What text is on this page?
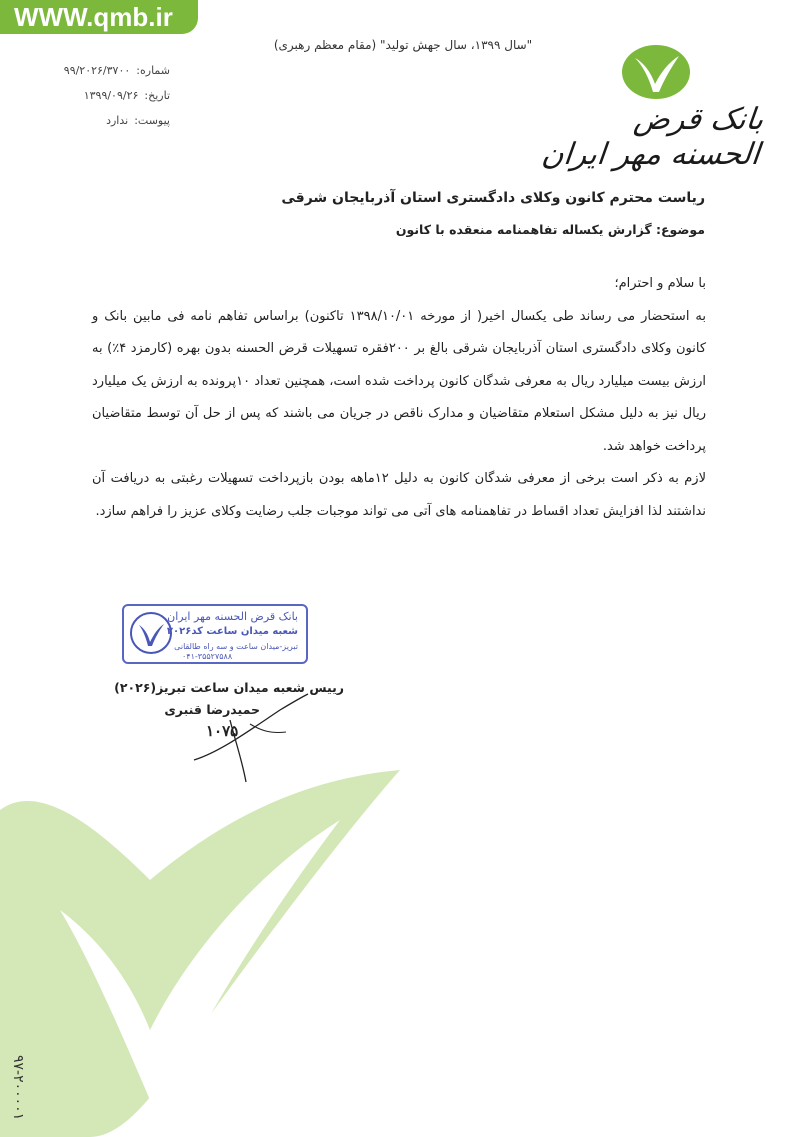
WWW.qmb.ir
"سال ۱۳۹۹، سال جهش تولید" (مقام معظم رهبری)
شماره:
۹۹/۲۰۲۶/۳۷۰۰
تاریخ:
۱۳۹۹/۰۹/۲۶
پیوست:
ندارد	بانک قرض الحسنه مهر ایران
ریاست محترم کانون وکلای دادگستری استان آذربایجان شرقی
موضوع: گزارش یکساله تفاهمنامه منعقده با کانون

با سلام و احترام؛

به استحضار می رساند طی یکسال اخیر( از مورخه ۱۳۹۸/۱۰/۰۱ تاکنون) براساس تفاهم نامه فی مابین بانک و کانون وکلای دادگستری استان آذربایجان شرقی بالغ بر ۲۰۰فقره تسهیلات قرض الحسنه بدون بهره (کارمزد ۴٪) به ارزش بیست میلیارد ریال به معرفی شدگان کانون پرداخت شده است، همچنین تعداد ۱۰پرونده به ارزش یک میلیارد ریال نیز به دلیل مشکل استعلام متقاضیان و مدارک ناقص در جریان می باشند که پس از حل آن توسط متقاضیان پرداخت خواهد شد.

لازم به ذکر است برخی از معرفی شدگان کانون به دلیل ۱۲ماهه بودن بازپرداخت تسهیلات رغبتی به دریافت آن نداشتند لذا افزایش تعداد اقساط در تفاهمنامه های آتی می تواند موجبات جلب رضایت وکلای عزیز را فراهم سازد.

بانک قرض الحسنه مهر ایران
شعبه میدان ساعت کد۲۰۲۶
تبریز-میدان ساعت و سه راه طالقانی
۰۴۱-۳۵۵۲۷۵۸۸
رییس شعبه میدان ساعت تبریز(۲۰۲۶)
حمیدرضا قنبری
۱۰۷۵
۹۷-۲۰۰۰۰۱
